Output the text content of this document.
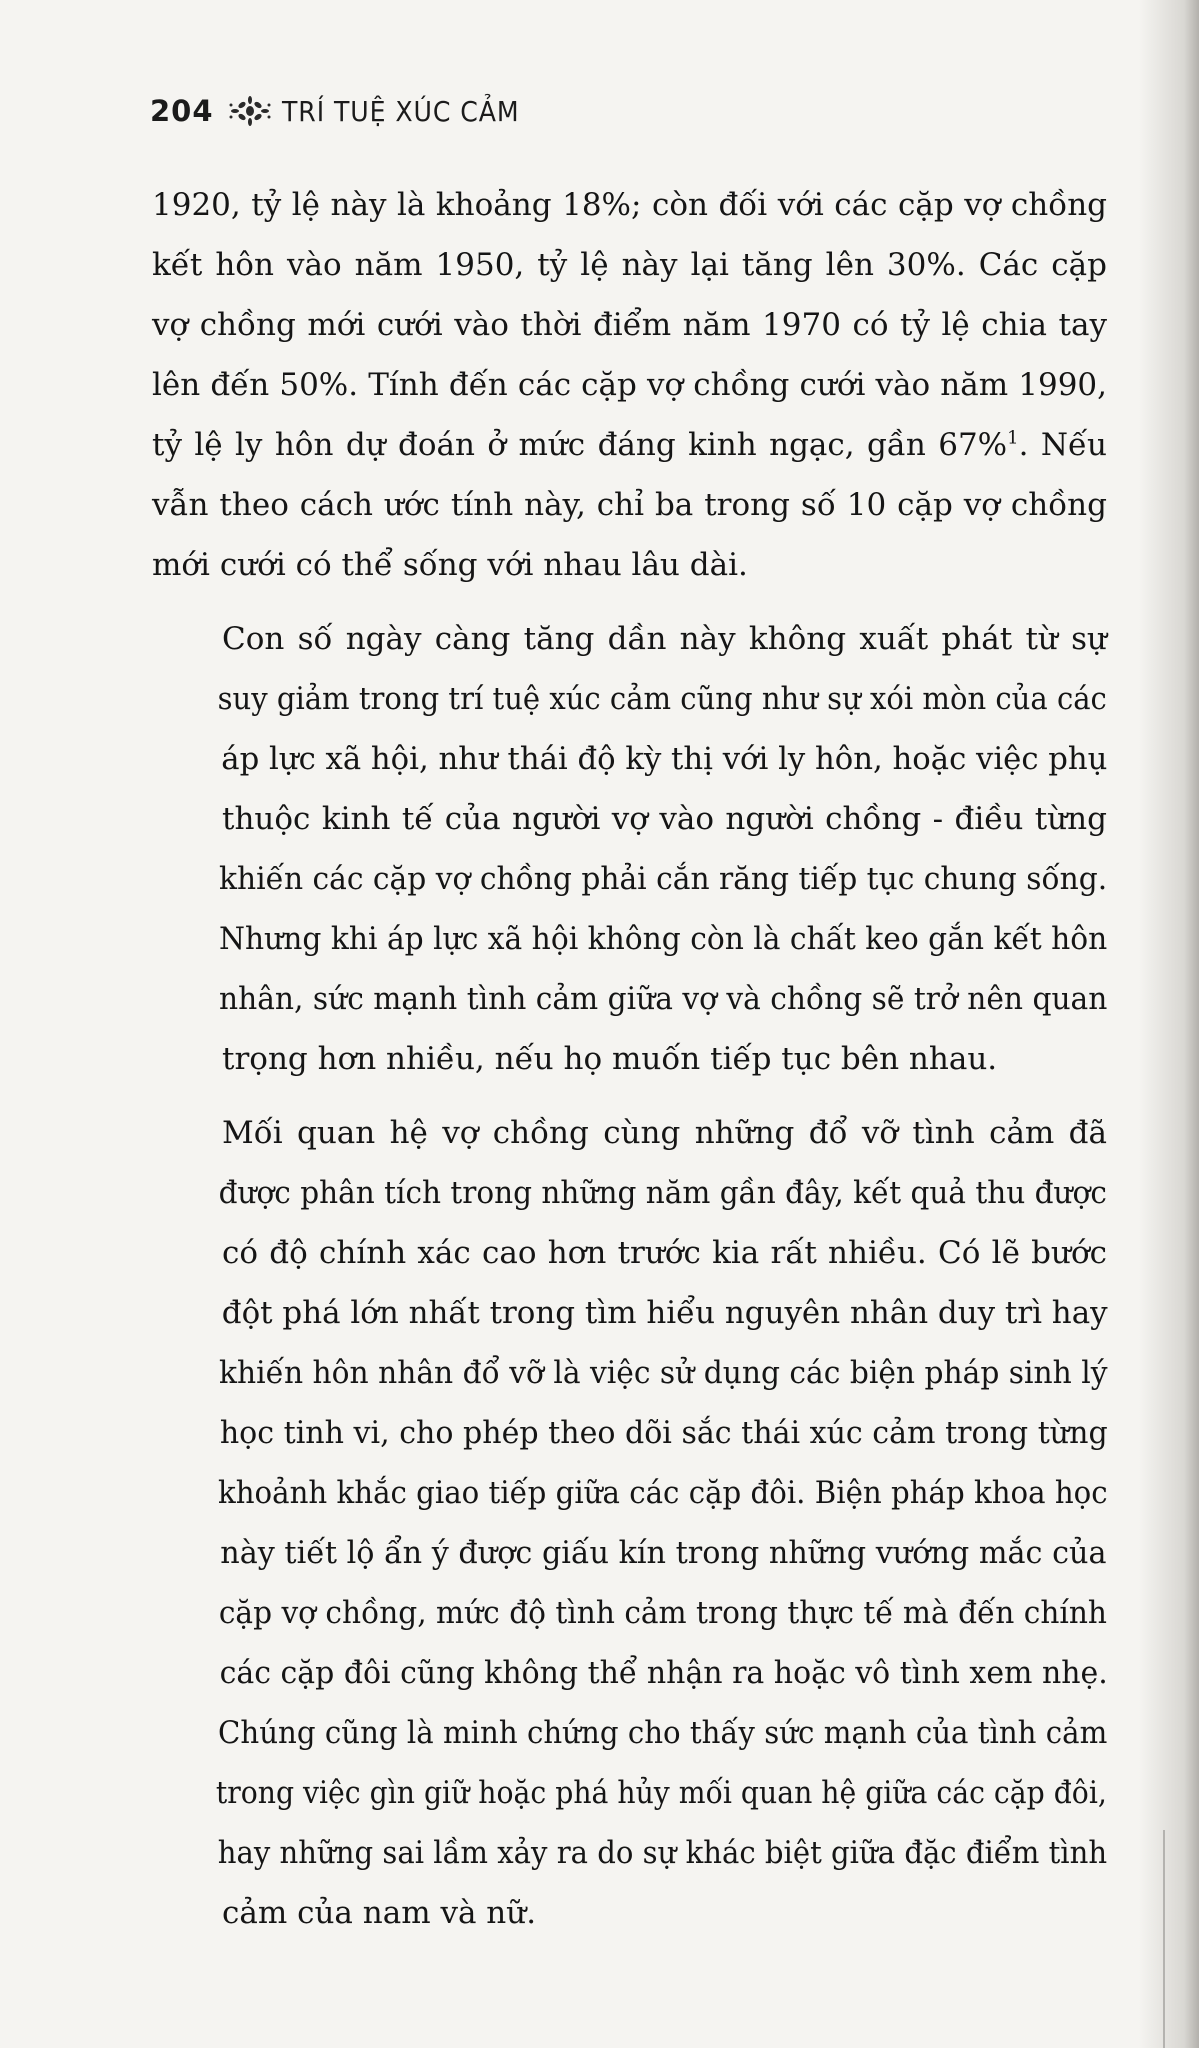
204 TRÍ TUỆ XÚC CẢM

1920, tỷ lệ này là khoảng 18%; còn đối với các cặp vợ chồng
kết hôn vào năm 1950, tỷ lệ này lại tăng lên 30%. Các cặp
vợ chồng mới cưới vào thời điểm năm 1970 có tỷ lệ chia tay
lên đến 50%. Tính đến các cặp vợ chồng cưới vào năm 1990,
tỷ lệ ly hôn dự đoán ở mức đáng kinh ngạc, gần 67%$^1$. Nếu
vẫn theo cách ước tính này, chỉ ba trong số 10 cặp vợ chồng
mới cưới có thể sống với nhau lâu dài.

Con số ngày càng tăng dần này không xuất phát từ sự
suy giảm trong trí tuệ xúc cảm cũng như sự xói mòn của các
áp lực xã hội, như thái độ kỳ thị với ly hôn, hoặc việc phụ
thuộc kinh tế của người vợ vào người chồng - điều từng
khiến các cặp vợ chồng phải cắn răng tiếp tục chung sống.
Nhưng khi áp lực xã hội không còn là chất keo gắn kết hôn
nhân, sức mạnh tình cảm giữa vợ và chồng sẽ trở nên quan
trọng hơn nhiều, nếu họ muốn tiếp tục bên nhau.

Mối quan hệ vợ chồng cùng những đổ vỡ tình cảm đã
được phân tích trong những năm gần đây, kết quả thu được
có độ chính xác cao hơn trước kia rất nhiều. Có lẽ bước
đột phá lớn nhất trong tìm hiểu nguyên nhân duy trì hay
khiến hôn nhân đổ vỡ là việc sử dụng các biện pháp sinh lý
học tinh vi, cho phép theo dõi sắc thái xúc cảm trong từng
khoảnh khắc giao tiếp giữa các cặp đôi. Biện pháp khoa học
này tiết lộ ẩn ý được giấu kín trong những vướng mắc của
cặp vợ chồng, mức độ tình cảm trong thực tế mà đến chính
các cặp đôi cũng không thể nhận ra hoặc vô tình xem nhẹ.
Chúng cũng là minh chứng cho thấy sức mạnh của tình cảm
trong việc gìn giữ hoặc phá hủy mối quan hệ giữa các cặp đôi,
hay những sai lầm xảy ra do sự khác biệt giữa đặc điểm tình
cảm của nam và nữ.
